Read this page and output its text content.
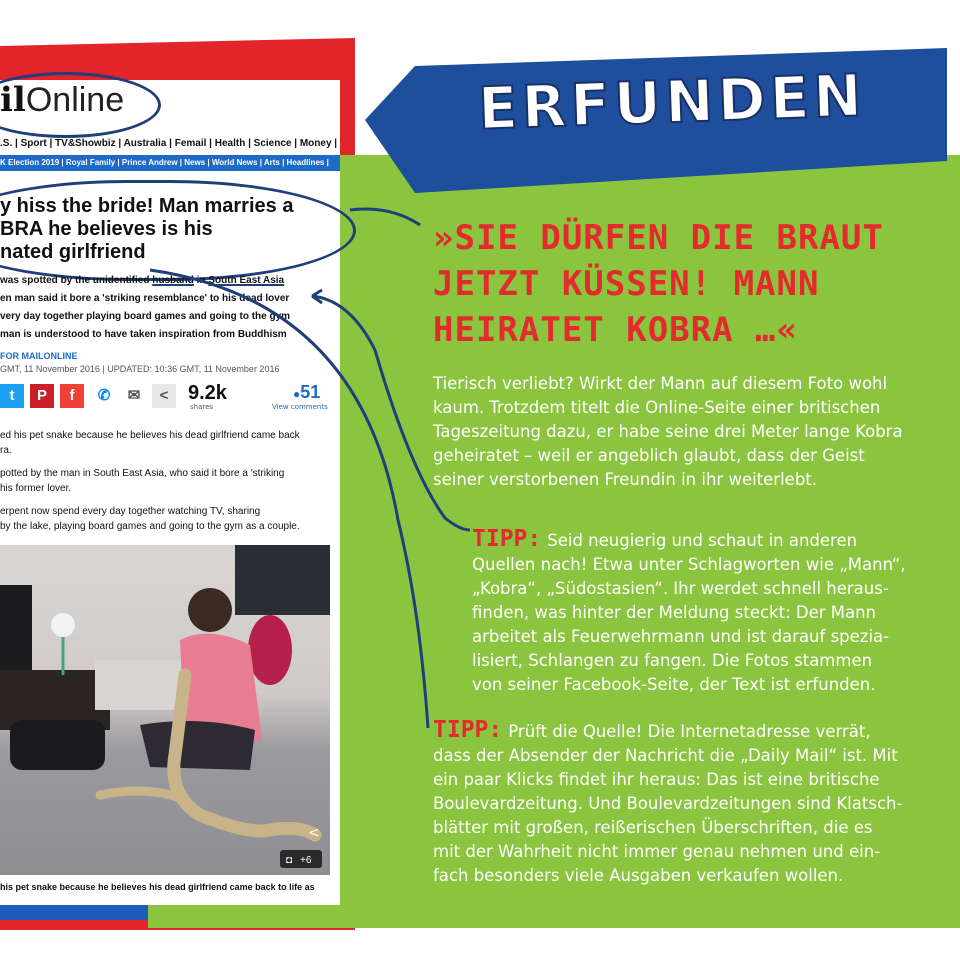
ilOnline
.S. | Sport | TV&Showbiz | Australia | Femail | Health | Science | Money |
K Election 2019 | Royal Family | Prince Andrew | News | World News | Arts | Headlines |
y hiss the bride! Man marries a
BRA he believes is his
nated girlfriend
was spotted by the unidentified husband in South East Asia
en man said it bore a 'striking resemblance' to his dead lover
very day together playing board games and going to the gym
man is understood to have taken inspiration from Buddhism
FOR MAILONLINE
GMT, 11 November 2016 | UPDATED: 10:36 GMT, 11 November 2016
t	P	f	✆	✉	< 9.2k
shares
●51
View comments
ed his pet snake because he believes his dead girlfriend came back
ra.
potted by the man in South East Asia, who said it bore a 'striking
his former lover.
erpent now spend every day together watching TV, sharing
by the lake, playing board games and going to the gym as a couple.
◘ +6
<
his pet snake because he believes his dead girlfriend came back to life as
ERFUNDEN
»SIE DÜRFEN DIE BRAUT
JETZT KÜSSEN! MANN
HEIRATET KOBRA …«
Tierisch verliebt? Wirkt der Mann auf diesem Foto wohl
kaum. Trotzdem titelt die Online-Seite einer britischen
Tageszeitung dazu, er habe seine drei Meter lange Kobra
geheiratet – weil er angeblich glaubt, dass der Geist
seiner verstorbenen Freundin in ihr weiterlebt.
TIPP: Seid neugierig und schaut in anderen
Quellen nach! Etwa unter Schlagworten wie „Mann“,
„Kobra“, „Südostasien“. Ihr werdet schnell heraus-
finden, was hinter der Meldung steckt: Der Mann
arbeitet als Feuerwehrmann und ist darauf spezia-
lisiert, Schlangen zu fangen. Die Fotos stammen
von seiner Facebook-Seite, der Text ist erfunden.
TIPP: Prüft die Quelle! Die Internetadresse verrät,
dass der Absender der Nachricht die „Daily Mail“ ist. Mit
ein paar Klicks findet ihr heraus: Das ist eine britische
Boulevardzeitung. Und Boulevardzeitungen sind Klatsch-
blätter mit großen, reißerischen Überschriften, die es
mit der Wahrheit nicht immer genau nehmen und ein-
fach besonders viele Ausgaben verkaufen wollen.
